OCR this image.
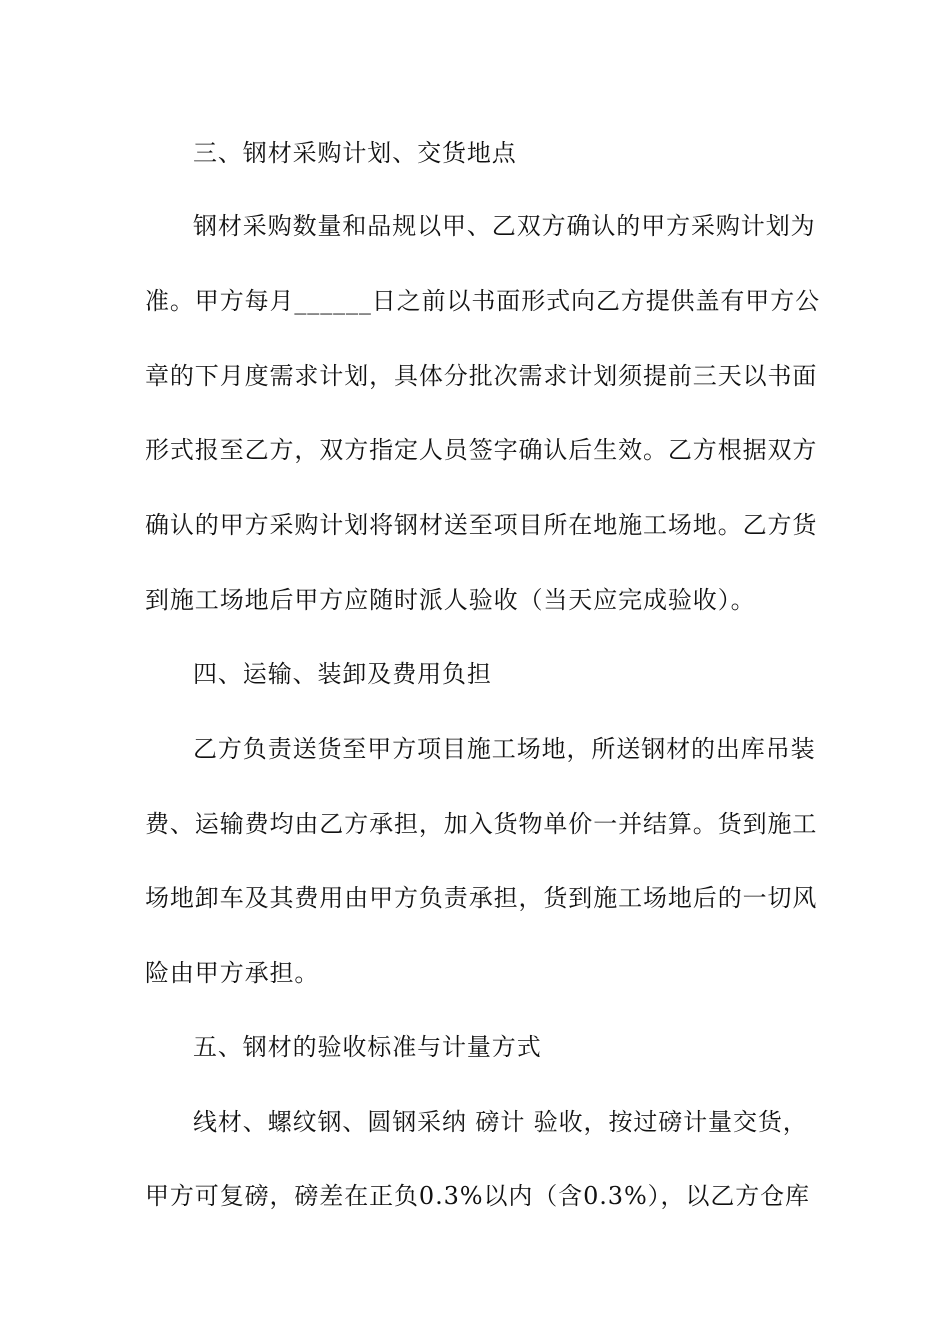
三、钢材采购计划、交货地点
钢材采购数量和品规以甲、乙双方确认的甲方采购计划为
准。甲方每月______日之前以书面形式向乙方提供盖有甲方公
章的下月度需求计划，具体分批次需求计划须提前三天以书面
形式报至乙方，双方指定人员签字确认后生效。乙方根据双方
确认的甲方采购计划将钢材送至项目所在地施工场地。乙方货
到施工场地后甲方应随时派人验收（当天应完成验收）。
四、运输、装卸及费用负担
乙方负责送货至甲方项目施工场地，所送钢材的出库吊装
费、运输费均由乙方承担，加入货物单价一并结算。货到施工
场地卸车及其费用由甲方负责承担，货到施工场地后的一切风
险由甲方承担。
五、钢材的验收标准与计量方式
线材、螺纹钢、圆钢采纳 磅计 验收，按过磅计量交货，
甲方可复磅，磅差在正负0.3%以内（含0.3%），以乙方仓库
